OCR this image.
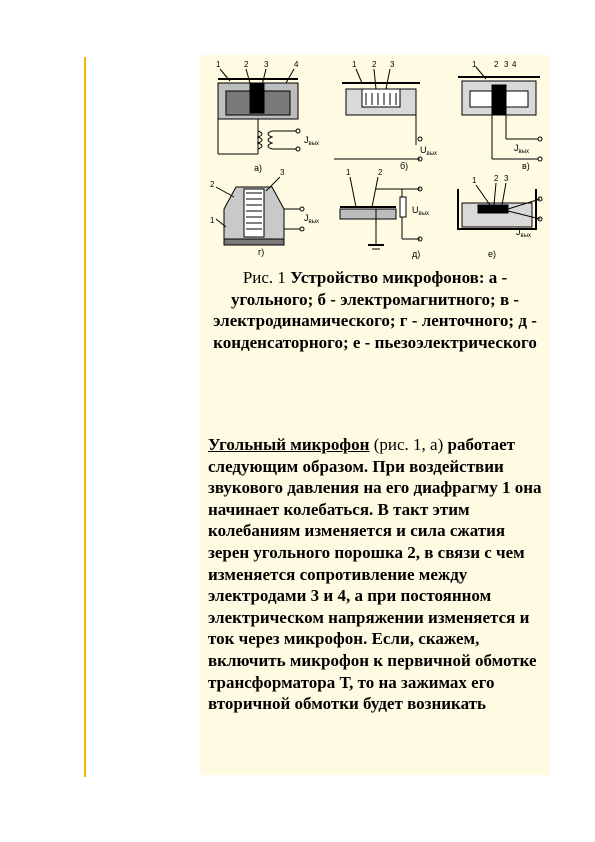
1	2 3	4
$J_{вых}$
а)
1 2 3
$U_{вых}$
б)
1 2 3 4
$J_{вых}$
в)
2
3
1	$J_{вых}$
г)
1	2
$U_{вых}$
д)
1 2 3
$J_{вых}$
е)
Рис. 1 Устройство микрофонов: а - угольного; б - электромагнитного; в - электродинамического; г - ленточного; д - конденсаторного; е - пьезоэлектрического
Угольный микрофон (рис. 1, а) работает следующим образом. При воздействии звукового давления на его диафрагму 1 она начинает колебаться. В такт этим колебаниям изменяется и сила сжатия зерен угольного порошка 2, в связи с чем изменяется сопротивление между электродами 3 и 4, а при постоянном электрическом напряжении изменяется и ток через микрофон. Если, скажем, включить микрофон к первичной обмотке трансформатора Т, то на зажимах его вторичной обмотки будет возникать
